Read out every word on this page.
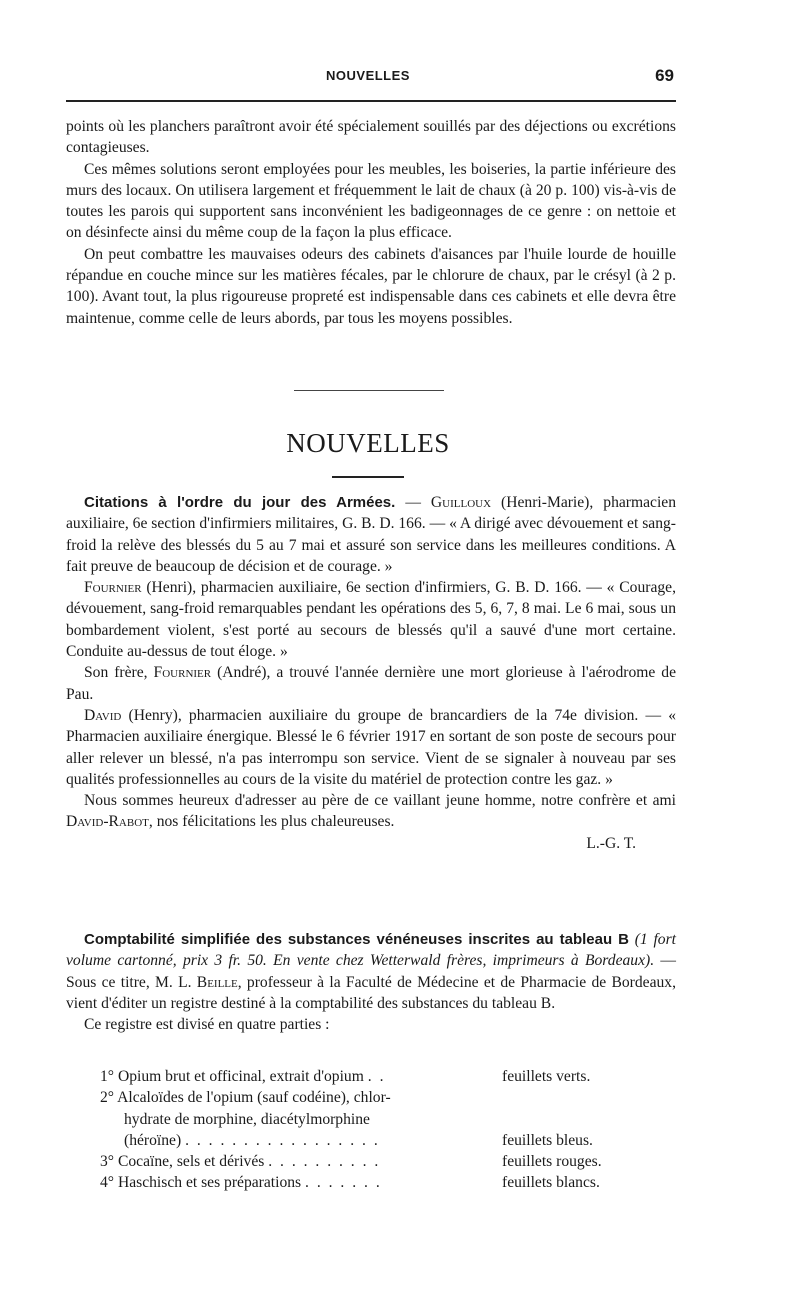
NOUVELLES	69

points où les planchers paraîtront avoir été spécialement souillés par des déjections ou excrétions contagieuses.

Ces mêmes solutions seront employées pour les meubles, les boiseries, la partie inférieure des murs des locaux. On utilisera largement et fréquemment le lait de chaux (à 20 p. 100) vis-à-vis de toutes les parois qui supportent sans inconvénient les badigeonnages de ce genre : on nettoie et on désinfecte ainsi du même coup de la façon la plus efficace.

On peut combattre les mauvaises odeurs des cabinets d'aisances par l'huile lourde de houille répandue en couche mince sur les matières fécales, par le chlorure de chaux, par le crésyl (à 2 p. 100). Avant tout, la plus rigoureuse propreté est indispensable dans ces cabinets et elle devra être maintenue, comme celle de leurs abords, par tous les moyens possibles.

NOUVELLES

Citations à l'ordre du jour des Armées. — Guilloux (Henri-Marie), pharmacien auxiliaire, 6e section d'infirmiers militaires, G. B. D. 166. — « A dirigé avec dévouement et sang-froid la relève des blessés du 5 au 7 mai et assuré son service dans les meilleures conditions. A fait preuve de beaucoup de décision et de courage. »

Fournier (Henri), pharmacien auxiliaire, 6e section d'infirmiers, G. B. D. 166. — « Courage, dévouement, sang-froid remarquables pendant les opérations des 5, 6, 7, 8 mai. Le 6 mai, sous un bombardement violent, s'est porté au secours de blessés qu'il a sauvé d'une mort certaine. Conduite au-dessus de tout éloge. »

Son frère, Fournier (André), a trouvé l'année dernière une mort glorieuse à l'aérodrome de Pau.

David (Henry), pharmacien auxiliaire du groupe de brancardiers de la 74e division. — « Pharmacien auxiliaire énergique. Blessé le 6 février 1917 en sortant de son poste de secours pour aller relever un blessé, n'a pas interrompu son service. Vient de se signaler à nouveau par ses qualités professionnelles au cours de la visite du matériel de protection contre les gaz. »

Nous sommes heureux d'adresser au père de ce vaillant jeune homme, notre confrère et ami David-Rabot, nos félicitations les plus chaleureuses.

L.-G. T.

Comptabilité simplifiée des substances vénéneuses inscrites au tableau B (1 fort volume cartonné, prix 3 fr. 50. En vente chez Wetterwald frères, imprimeurs à Bordeaux). — Sous ce titre, M. L. Beille, professeur à la Faculté de Médecine et de Pharmacie de Bordeaux, vient d'éditer un registre destiné à la comptabilité des substances du tableau B.

Ce registre est divisé en quatre parties :

1° Opium brut et officinal, extrait d'opium . .	feuillets verts.
2° Alcaloïdes de l'opium (sauf codéine), chlor-
hydrate de morphine, diacétylmorphine
(héroïne) . . . . . . . . . . . . . . . . .	feuillets bleus.
3° Cocaïne, sels et dérivés . . . . . . . . . .	feuillets rouges.
4° Haschisch et ses préparations . . . . . . .	feuillets blancs.
